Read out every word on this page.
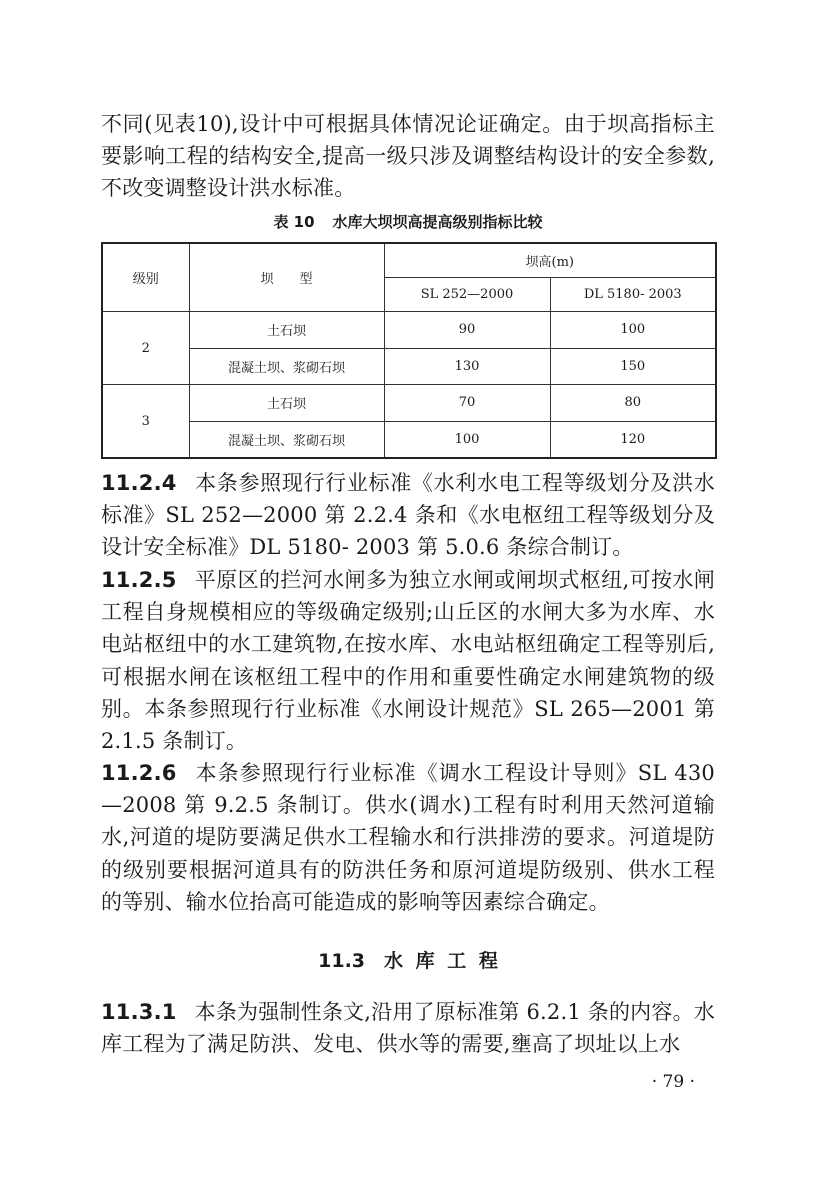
不同(见表10),设计中可根据具体情况论证确定。由于坝高指标主要影响工程的结构安全,提高一级只涉及调整结构设计的安全参数,不改变调整设计洪水标准。

表 10 水库大坝坝高提高级别指标比较
级别	坝　　型	坝高(m)	
		SL 252—2000	DL 5180- 2003
2	土石坝	90	100
	混凝土坝、浆砌石坝	130	150
3	土石坝	70	80
	混凝土坝、浆砌石坝	100	120

11.2.4 本条参照现行行业标准《水利水电工程等级划分及洪水标准》SL 252—2000 第 2.2.4 条和《水电枢纽工程等级划分及设计安全标准》DL 5180- 2003 第 5.0.6 条综合制订。

11.2.5 平原区的拦河水闸多为独立水闸或闸坝式枢纽,可按水闸工程自身规模相应的等级确定级别;山丘区的水闸大多为水库、水电站枢纽中的水工建筑物,在按水库、水电站枢纽确定工程等别后,可根据水闸在该枢纽工程中的作用和重要性确定水闸建筑物的级别。本条参照现行行业标准《水闸设计规范》SL 265—2001 第 2.1.5 条制订。

11.2.6 本条参照现行行业标准《调水工程设计导则》SL 430—2008 第 9.2.5 条制订。供水(调水)工程有时利用天然河道输水,河道的堤防要满足供水工程输水和行洪排涝的要求。河道堤防的级别要根据河道具有的防洪任务和原河道堤防级别、供水工程的等别、输水位抬高可能造成的影响等因素综合确定。

11.3　水 库 工 程

11.3.1 本条为强制性条文,沿用了原标准第 6.2.1 条的内容。水库工程为了满足防洪、发电、供水等的需要,壅高了坝址以上水

· 79 ·
